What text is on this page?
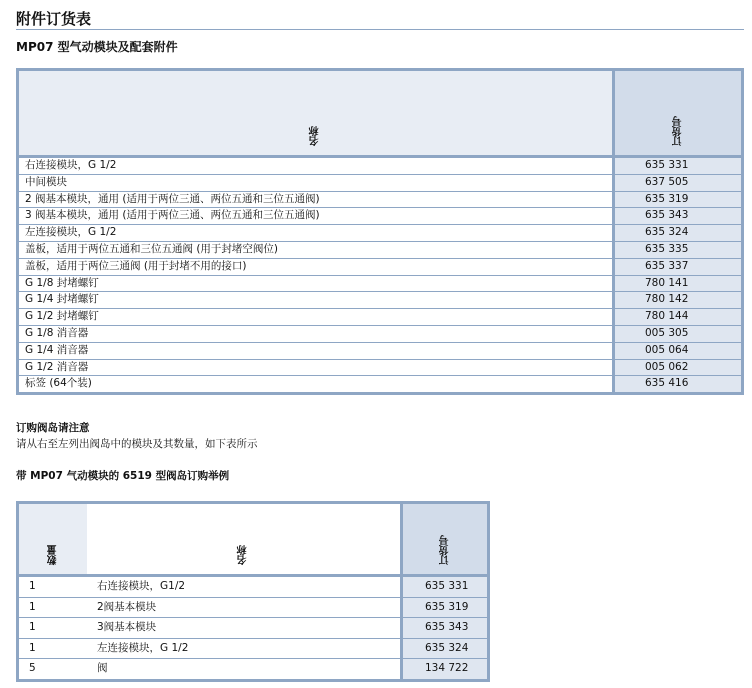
附件订货表
MP07 型气动模块及配套附件
名称	订货号
右连接模块，G 1/2	635 331
中间模块	637 505
2 阀基本模块，通用 (适用于两位三通、两位五通和三位五通阀)	635 319
3 阀基本模块，通用 (适用于两位三通、两位五通和三位五通阀)	635 343
左连接模块，G 1/2	635 324
盖板，适用于两位五通和三位五通阀 (用于封堵空阀位)	635 335
盖板，适用于两位三通阀 (用于封堵不用的接口)	635 337
G 1/8 封堵螺钉	780 141
G 1/4 封堵螺钉	780 142
G 1/2 封堵螺钉	780 144
G 1/8 消音器	005 305
G 1/4 消音器	005 064
G 1/2 消音器	005 062
标签 (64个装)	635 416
订购阀岛请注意
请从右至左列出阀岛中的模块及其数量，如下表所示
带 MP07 气动模块的 6519 型阀岛订购举例
数量	名称	订货号
1	右连接模块，G1/2	635 331
1	2阀基本模块	635 319
1	3阀基本模块	635 343
1	左连接模块，G 1/2	635 324
5	阀	134 722
